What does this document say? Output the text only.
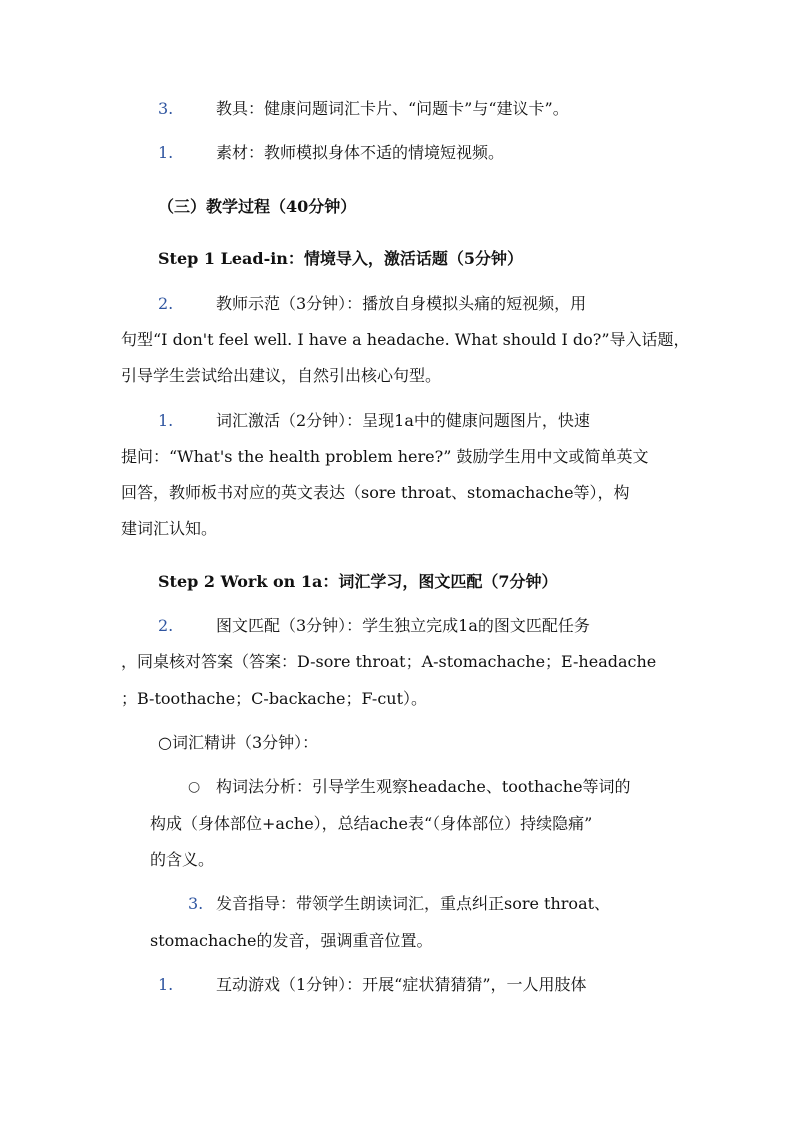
3.	教具：健康问题词汇卡片、“问题卡”与“建议卡”。
1.	素材：教师模拟身体不适的情境短视频。
（三）教学过程（40分钟）
Step 1 Lead-in：情境导入，激活话题（5分钟）
2.	教师示范（3分钟）：播放自身模拟头痛的短视频，用
句型“I don't feel well. I have a headache. What should I do?”导入话题，
引导学生尝试给出建议，自然引出核心句型。
1.	词汇激活（2分钟）：呈现1a中的健康问题图片，快速
提问：“What's the health problem here?” 鼓励学生用中文或简单英文
回答，教师板书对应的英文表达（sore throat、stomachache等），构
建词汇认知。
Step 2 Work on 1a：词汇学习，图文匹配（7分钟）
2.	图文匹配（3分钟）：学生独立完成1a的图文匹配任务
，同桌核对答案（答案：D-sore throat；A-stomachache；E-headache
；B-toothache；C-backache；F-cut）。
○词汇精讲（3分钟）：
○ 构词法分析：引导学生观察headache、toothache等词的
构成（身体部位+ache），总结ache表“（身体部位）持续隐痛”
的含义。
3. 发音指导：带领学生朗读词汇，重点纠正sore throat、
stomachache的发音，强调重音位置。
1.	互动游戏（1分钟）：开展“症状猜猜猜”，一人用肢体
